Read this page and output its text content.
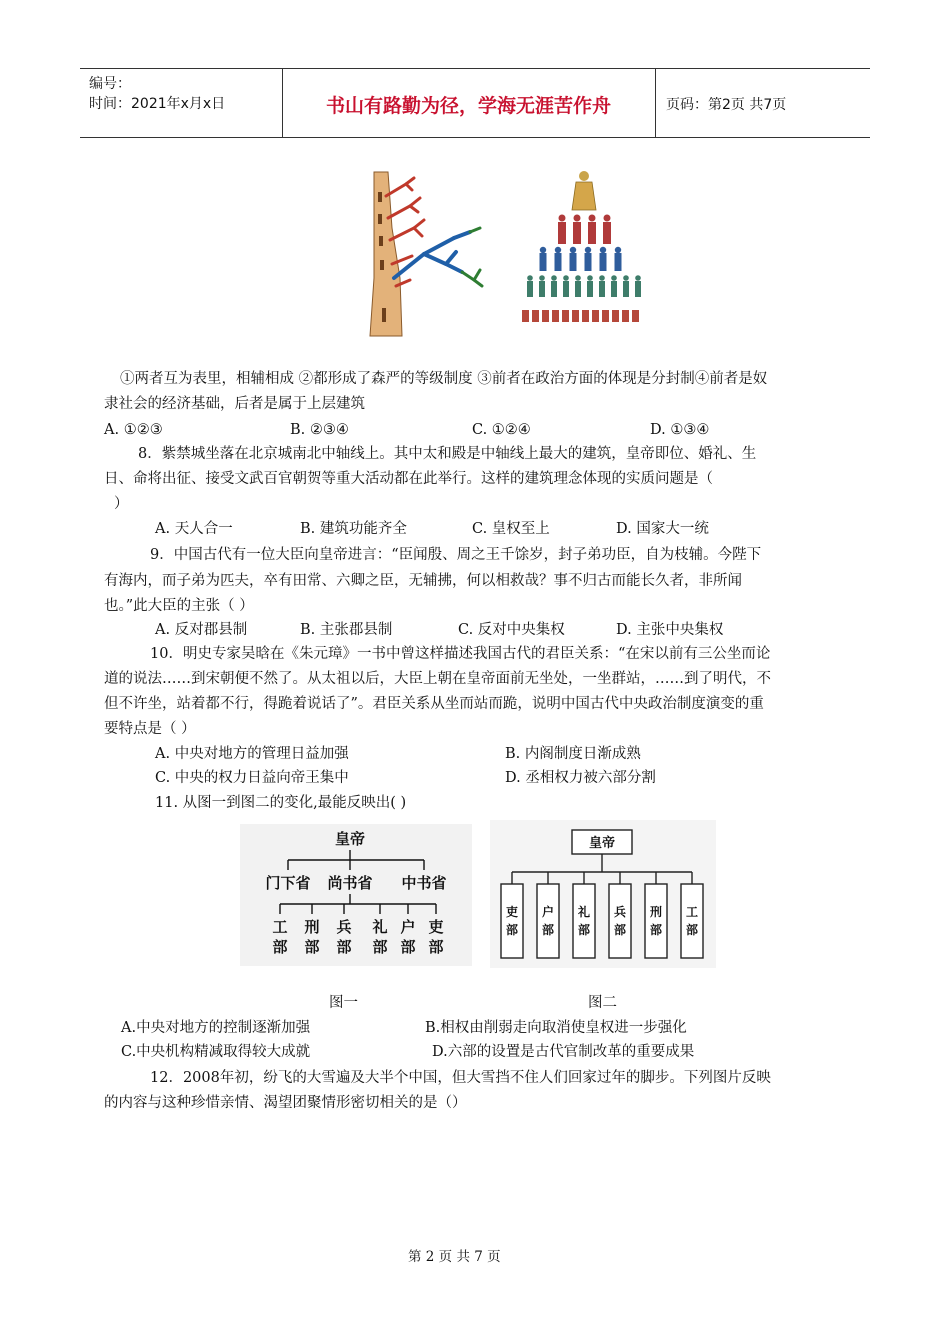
编号：
时间：2021年x月x日	书山有路勤为径，学海无涯苦作舟	页码：第2页 共7页
①两者互为表里，相辅相成 ②都形成了森严的等级制度 ③前者在政治方面的体现是分封制④前者是奴
隶社会的经济基础，后者是属于上层建筑
A. ①②③	B. ②③④	C. ①②④	D. ①③④
8．紫禁城坐落在北京城南北中轴线上。其中太和殿是中轴线上最大的建筑，皇帝即位、婚礼、生
日、命将出征、接受文武百官朝贺等重大活动都在此举行。这样的建筑理念体现的实质问题是（
）
A. 天人合一	B. 建筑功能齐全	C. 皇权至上	D. 国家大一统
9．中国古代有一位大臣向皇帝进言：“臣闻殷、周之王千馀岁，封子弟功臣，自为枝辅。今陛下
有海内，而子弟为匹夫，卒有田常、六卿之臣，无辅拂，何以相救哉？事不归古而能长久者，非所闻
也。”此大臣的主张（ ）
A. 反对郡县制	B. 主张郡县制	C. 反对中央集权	D. 主张中央集权
10．明史专家吴晗在《朱元璋》一书中曾这样描述我国古代的君臣关系：“在宋以前有三公坐而论
道的说法……到宋朝便不然了。从太祖以后，大臣上朝在皇帝面前无坐处，一坐群站，……到了明代，不
但不许坐，站着都不行，得跪着说话了”。君臣关系从坐而站而跪，说明中国古代中央政治制度演变的重
要特点是（ ）
A. 中央对地方的管理日益加强	B. 内阁制度日渐成熟
C. 中央的权力日益向帝王集中	D. 丞相权力被六部分割
11. 从图一到图二的变化,最能反映出( )
皇帝
门下省 尚书省 中书省
工部
刑部
兵部
礼部
户部
吏部
皇帝
吏部
户部
礼部
兵部
刑部
工部
图一	图二
A.中央对地方的控制逐渐加强	B.相权由削弱走向取消使皇权进一步强化
C.中央机构精减取得较大成就	D.六部的设置是古代官制改革的重要成果
12．2008年初，纷飞的大雪遍及大半个中国，但大雪挡不住人们回家过年的脚步。下列图片反映
的内容与这种珍惜亲情、渴望团聚情形密切相关的是（）
第 2 页 共 7 页
